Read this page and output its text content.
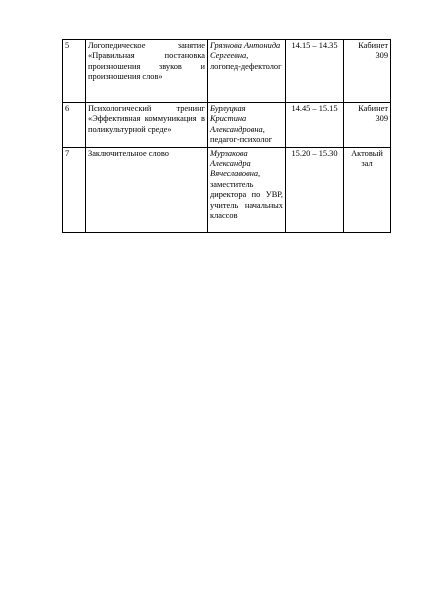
5	Логопедическое занятие «Правильная постановка произношения звуков и произношения слов»	Грязнова Антонида Сергеевна,
логопед-дефектолог	14.15 – 14.35	Кабинет 309
6	Психологический тренинг «Эффективная коммуникация в поликультурной среде»	Бурлуцкая Кристина Александровна,
педагог-психолог	14.45 – 15.15	Кабинет 309
7	Заключительное слово	Мурзакова Александра Вячеславовна,
заместитель директора по УВР, учитель начальных классов	15.20 – 15.30	Актовый зал
